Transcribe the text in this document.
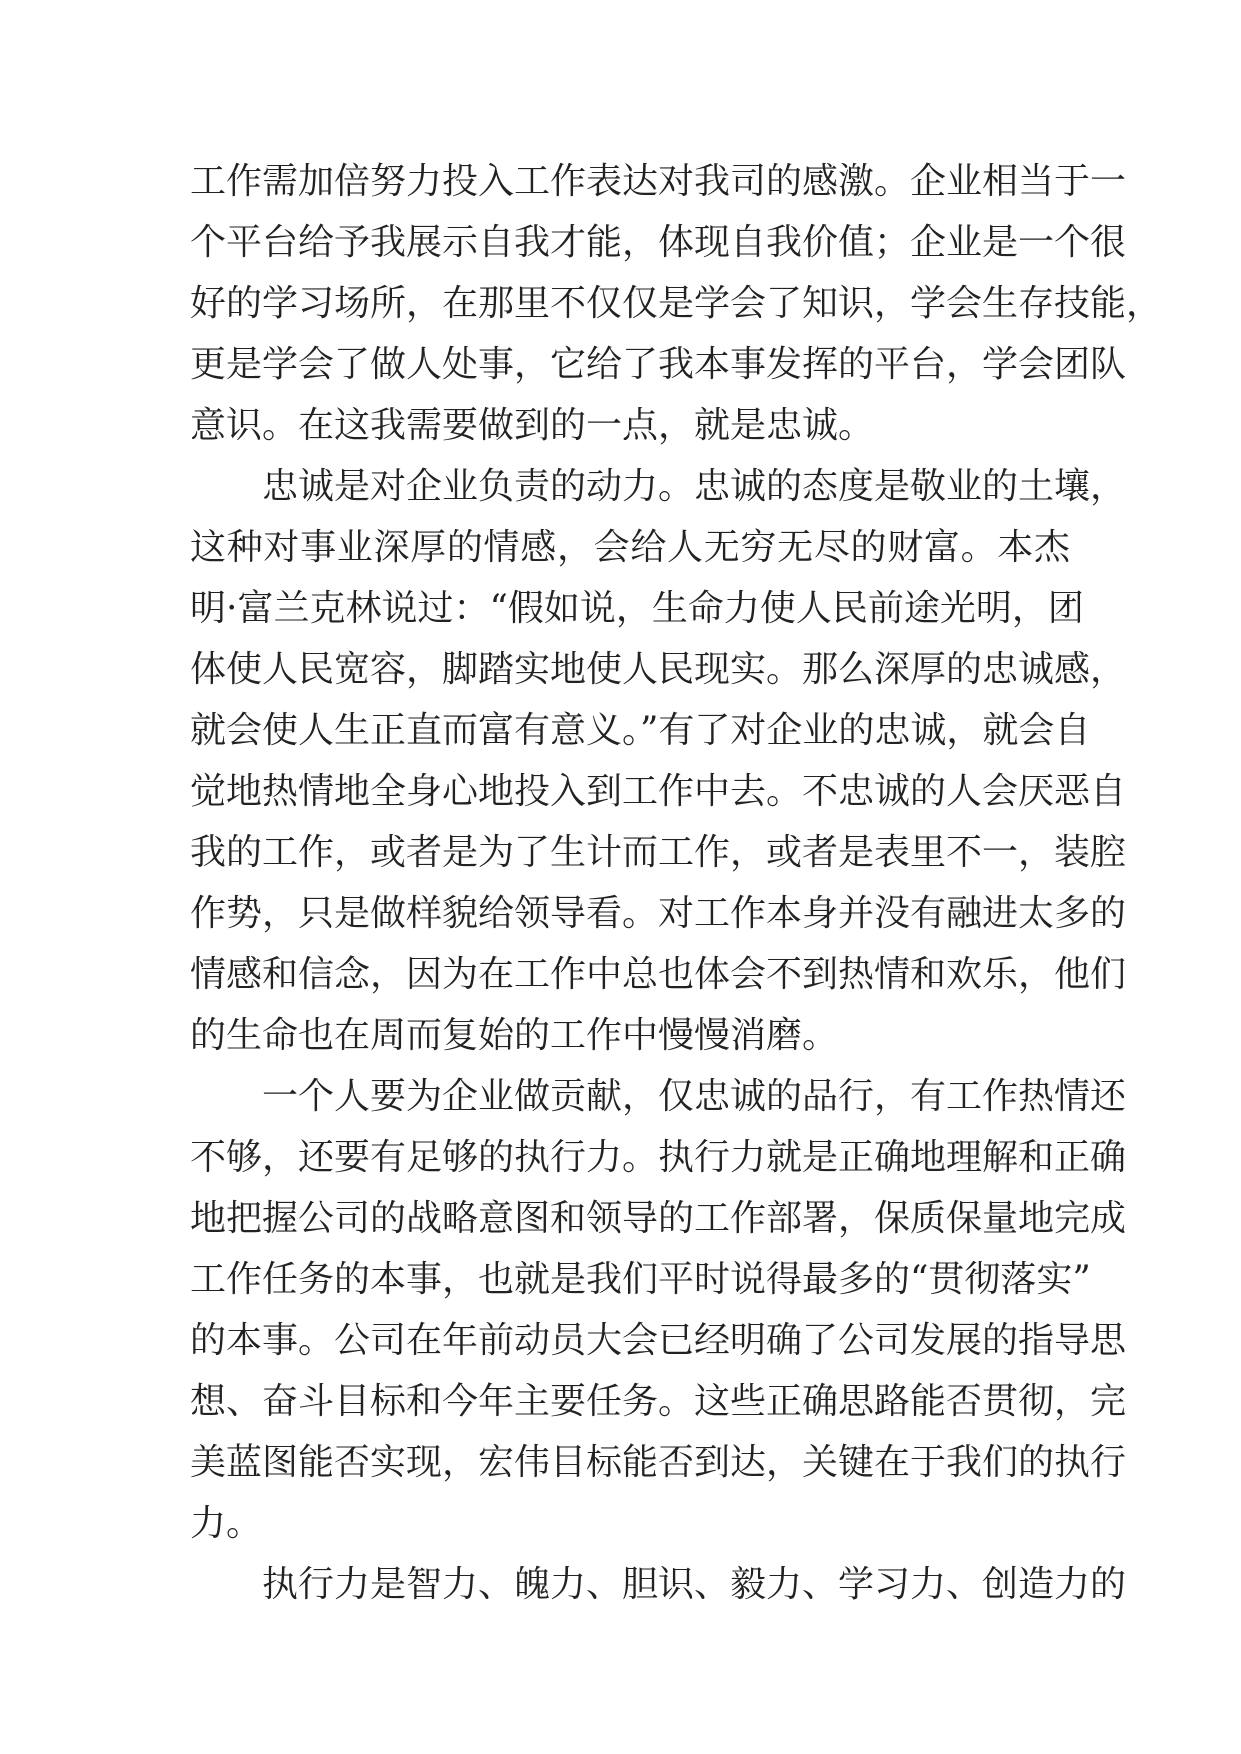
工作需加倍努力投入工作表达对我司的感激。企业相当于一
个平台给予我展示自我才能，体现自我价值；企业是一个很
好的学习场所，在那里不仅仅是学会了知识，学会生存技能，
更是学会了做人处事，它给了我本事发挥的平台，学会团队
意识。在这我需要做到的一点，就是忠诚。
忠诚是对企业负责的动力。忠诚的态度是敬业的土壤，
这种对事业深厚的情感，会给人无穷无尽的财富。本杰
明·富兰克林说过：“假如说，生命力使人民前途光明，团
体使人民宽容，脚踏实地使人民现实。那么深厚的忠诚感，
就会使人生正直而富有意义。”有了对企业的忠诚，就会自
觉地热情地全身心地投入到工作中去。不忠诚的人会厌恶自
我的工作，或者是为了生计而工作，或者是表里不一，装腔
作势，只是做样貌给领导看。对工作本身并没有融进太多的
情感和信念，因为在工作中总也体会不到热情和欢乐，他们
的生命也在周而复始的工作中慢慢消磨。
一个人要为企业做贡献，仅忠诚的品行，有工作热情还
不够，还要有足够的执行力。执行力就是正确地理解和正确
地把握公司的战略意图和领导的工作部署，保质保量地完成
工作任务的本事，也就是我们平时说得最多的“贯彻落实”
的本事。公司在年前动员大会已经明确了公司发展的指导思
想、奋斗目标和今年主要任务。这些正确思路能否贯彻，完
美蓝图能否实现，宏伟目标能否到达，关键在于我们的执行
力。
执行力是智力、魄力、胆识、毅力、学习力、创造力的
